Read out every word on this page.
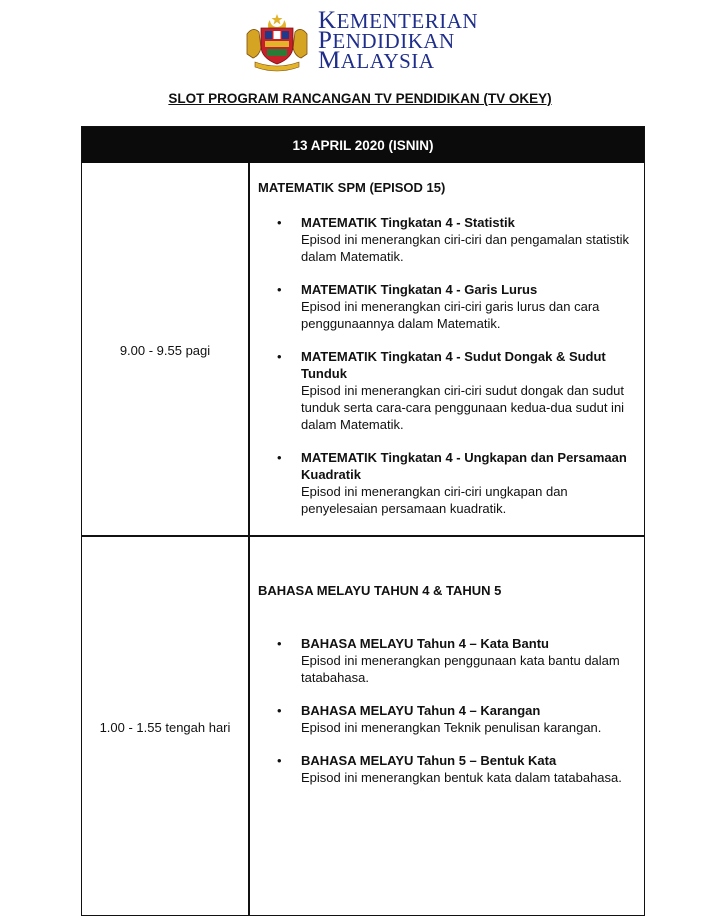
KEMENTERIAN
PENDIDIKAN
MALAYSIA
SLOT PROGRAM RANCANGAN TV PENDIDIKAN (TV OKEY)
13 APRIL 2020 (ISNIN)
9.00 - 9.55 pagi
MATEMATIK SPM (EPISOD 15)
• MATEMATIK Tingkatan 4 - Statistik
Episod ini menerangkan ciri-ciri dan pengamalan statistik dalam Matematik.
• MATEMATIK Tingkatan 4 - Garis Lurus
Episod ini menerangkan ciri-ciri garis lurus dan cara penggunaannya dalam Matematik.
• MATEMATIK Tingkatan 4 - Sudut Dongak & Sudut Tunduk
Episod ini menerangkan ciri-ciri sudut dongak dan sudut tunduk serta cara-cara penggunaan kedua-dua sudut ini dalam Matematik.
• MATEMATIK Tingkatan 4 - Ungkapan dan Persamaan Kuadratik
Episod ini menerangkan ciri-ciri ungkapan dan penyelesaian persamaan kuadratik.
1.00 - 1.55 tengah hari
BAHASA MELAYU TAHUN 4 & TAHUN 5
• BAHASA MELAYU Tahun 4 – Kata Bantu
Episod ini menerangkan penggunaan kata bantu dalam tatabahasa.
• BAHASA MELAYU Tahun 4 – Karangan
Episod ini menerangkan Teknik penulisan karangan.
• BAHASA MELAYU Tahun 5 – Bentuk Kata
Episod ini menerangkan bentuk kata dalam tatabahasa.
